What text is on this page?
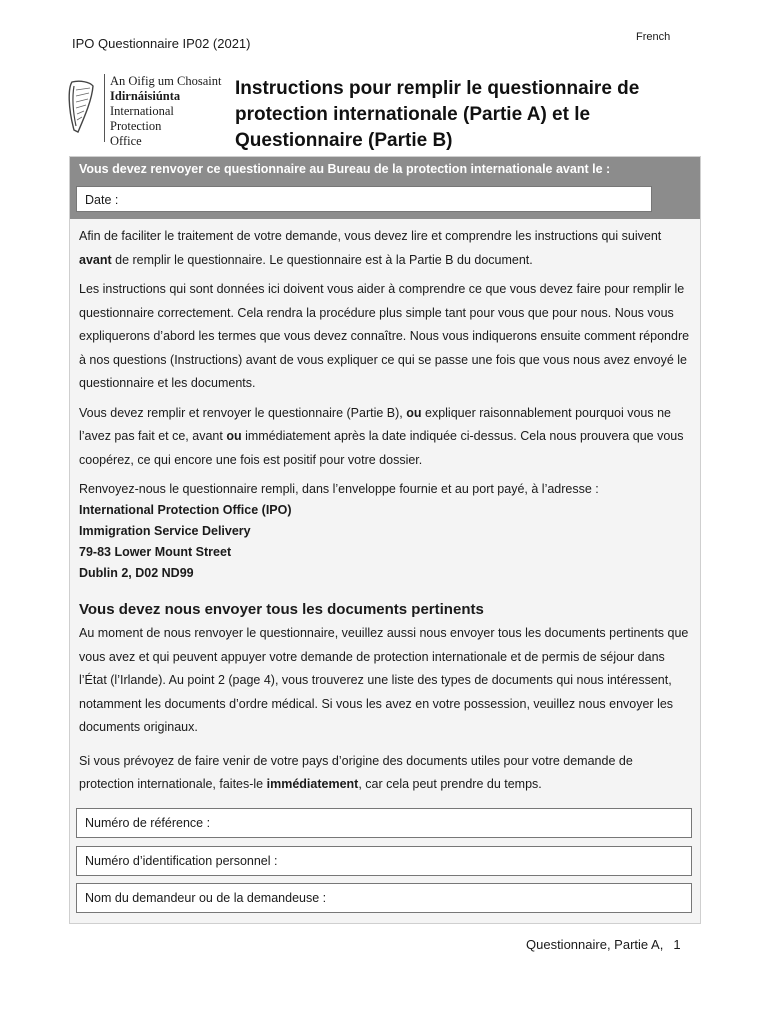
IPO Questionnaire IP02 (2021)	French
An Oifig um Chosaint
Idirnáisiúnta
International Protection
Office
Instructions pour remplir le questionnaire de protection internationale (Partie A) et le Questionnaire (Partie B)
Vous devez renvoyer ce questionnaire au Bureau de la protection internationale avant le :
Date :

Afin de faciliter le traitement de votre demande, vous devez lire et comprendre les instructions qui suivent avant de remplir le questionnaire. Le questionnaire est à la Partie B du document.

Les instructions qui sont données ici doivent vous aider à comprendre ce que vous devez faire pour remplir le questionnaire correctement. Cela rendra la procédure plus simple tant pour vous que pour nous. Nous vous expliquerons d’abord les termes que vous devez connaître. Nous vous indiquerons ensuite comment répondre à nos questions (Instructions) avant de vous expliquer ce qui se passe une fois que vous nous avez envoyé le questionnaire et les documents.

Vous devez remplir et renvoyer le questionnaire (Partie B), ou expliquer raisonnablement pourquoi vous ne l’avez pas fait et ce, avant ou immédiatement après la date indiquée ci-dessus. Cela nous prouvera que vous coopérez, ce qui encore une fois est positif pour votre dossier.

Renvoyez-nous le questionnaire rempli, dans l’enveloppe fournie et au port payé, à l’adresse :

International Protection Office (IPO)
Immigration Service Delivery
79-83 Lower Mount Street
Dublin 2, D02 ND99
Vous devez nous envoyer tous les documents pertinents

Au moment de nous renvoyer le questionnaire, veuillez aussi nous envoyer tous les documents pertinents que vous avez et qui peuvent appuyer votre demande de protection internationale et de permis de séjour dans l’État (l’Irlande). Au point 2 (page 4), vous trouverez une liste des types de documents qui nous intéressent, notamment les documents d’ordre médical. Si vous les avez en votre possession, veuillez nous envoyer les documents originaux.

Si vous prévoyez de faire venir de votre pays d’origine des documents utiles pour votre demande de protection internationale, faites-le immédiatement, car cela peut prendre du temps.

Numéro de référence :
Numéro d’identification personnel :
Nom du demandeur ou de la demandeuse :
Questionnaire, Partie A, 1
